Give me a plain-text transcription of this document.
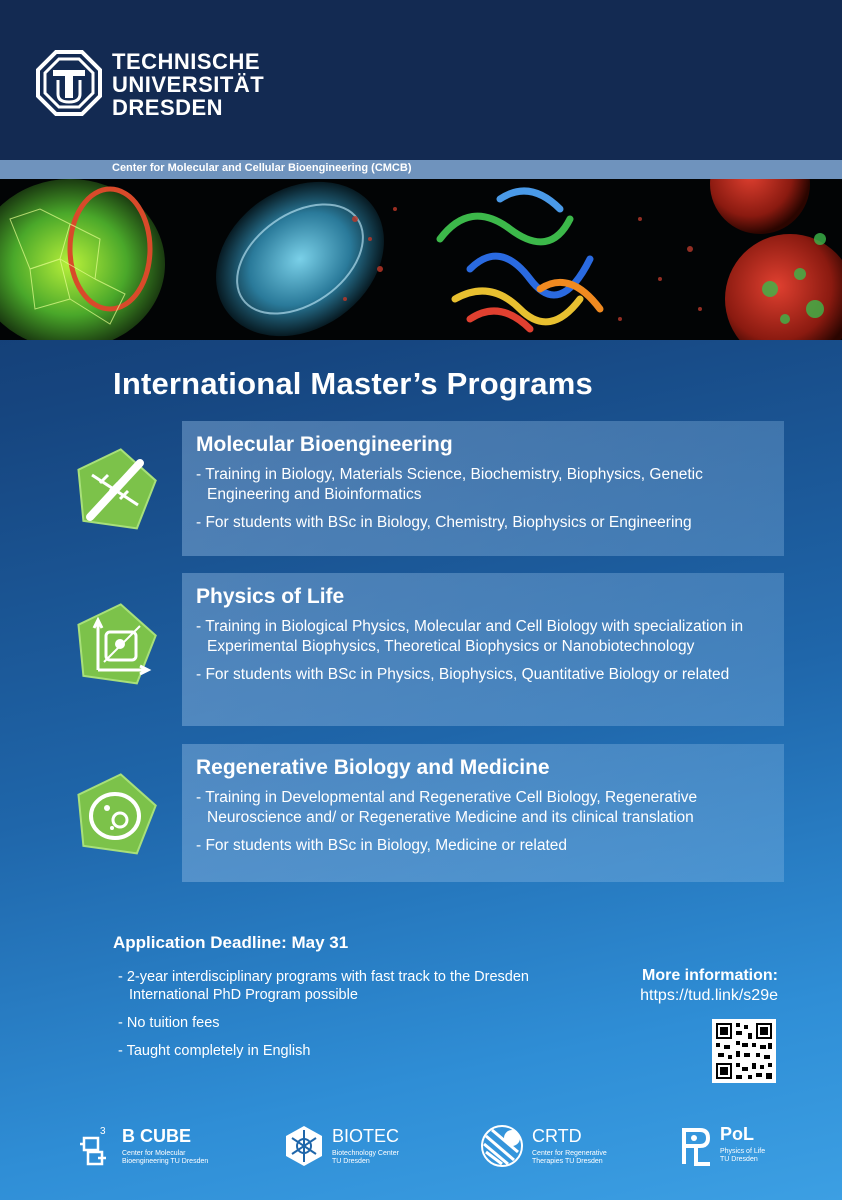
TECHNISCHE
UNIVERSITÄT
DRESDEN
Center for Molecular and Cellular Bioengineering (CMCB)
International Master’s Programs
Molecular Bioengineering
- Training in Biology, Materials Science, Biochemistry, Biophysics, Genetic Engineering and Bioinformatics
- For students with BSc in Biology, Chemistry, Biophysics or Engineering
Physics of Life
- Training in Biological Physics, Molecular and Cell Biology with specialization in Experimental Biophysics, Theoretical Biophysics or Nanobiotechnology
- For students with BSc in Physics, Biophysics, Quantitative Biology or related
Regenerative Biology and Medicine
- Training in Developmental and Regenerative Cell Biology, Regenerative Neuroscience and/ or Regenerative Medicine and its clinical translation
- For students with BSc in Biology, Medicine or related
Application Deadline: May 31
- 2-year interdisciplinary programs with fast track to the Dresden International PhD Program possible
- No tuition fees
- Taught completely in English
More information:
https://tud.link/s29e
3 B CUBE
Center for Molecular
Bioengineering TU Dresden
BIOTEC
Biotechnology Center
TU Dresden
CRTD
Center for Regenerative
Therapies TU Dresden
PoL
Physics of Life
TU Dresden
